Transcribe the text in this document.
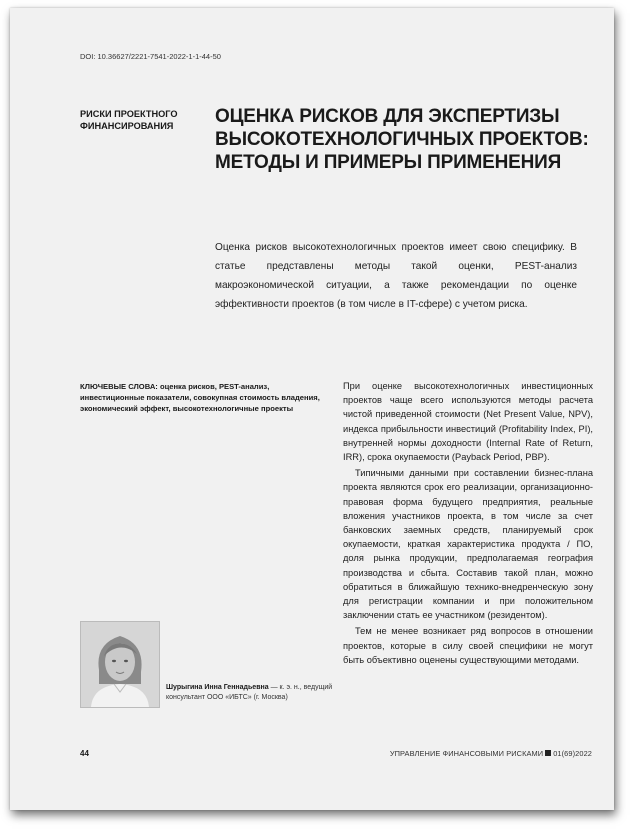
DOI: 10.36627/2221-7541-2022-1-1-44-50
РИСКИ ПРОЕКТНОГО
ФИНАНСИРОВАНИЯ	ОЦЕНКА РИСКОВ ДЛЯ ЭКСПЕРТИЗЫ
ВЫСОКОТЕХНОЛОГИЧНЫХ ПРОЕКТОВ:
МЕТОДЫ И ПРИМЕРЫ ПРИМЕНЕНИЯ
Оценка рисков высокотехнологичных проектов имеет свою специфику. В статье представлены методы такой оценки, PEST-анализ макроэкономической ситуации, а также рекомендации по оценке эффективности проектов (в том числе в IT-сфере) с учетом риска.
КЛЮЧЕВЫЕ СЛОВА: оценка рисков, PEST-анализ, инвестиционные показатели, совокупная стоимость владения, экономический эффект, высокотехнологичные проекты

При оценке высокотехнологичных инвестиционных проектов чаще всего используются методы расчета чистой приведенной стоимости (Net Present Value, NPV), индекса прибыльности инвестиций (Profitability Index, PI), внутренней нормы доходности (Internal Rate of Return, IRR), срока окупаемости (Payback Period, PBP).

Типичными данными при составлении бизнес-плана проекта являются срок его реализации, организационно-правовая форма будущего предприятия, реальные вложения участников проекта, в том числе за счет банковских заемных средств, планируемый срок окупаемости, краткая характеристика продукта / ПО, доля рынка продукции, предполагаемая география производства и сбыта. Составив такой план, можно обратиться в ближайшую технико-внедренческую зону для регистрации компании и при положительном заключении стать ее участником (резидентом).

Тем не менее возникает ряд вопросов в отношении проектов, которые в силу своей специфики не могут быть объективно оценены существующими методами.

Шурыгина Инна Геннадьевна — к. э. н., ведущий консультант ООО «ИБТС» (г. Москва)
44	УПРАВЛЕНИЕ ФИНАНСОВЫМИ РИСКАМИ 01(69)2022
